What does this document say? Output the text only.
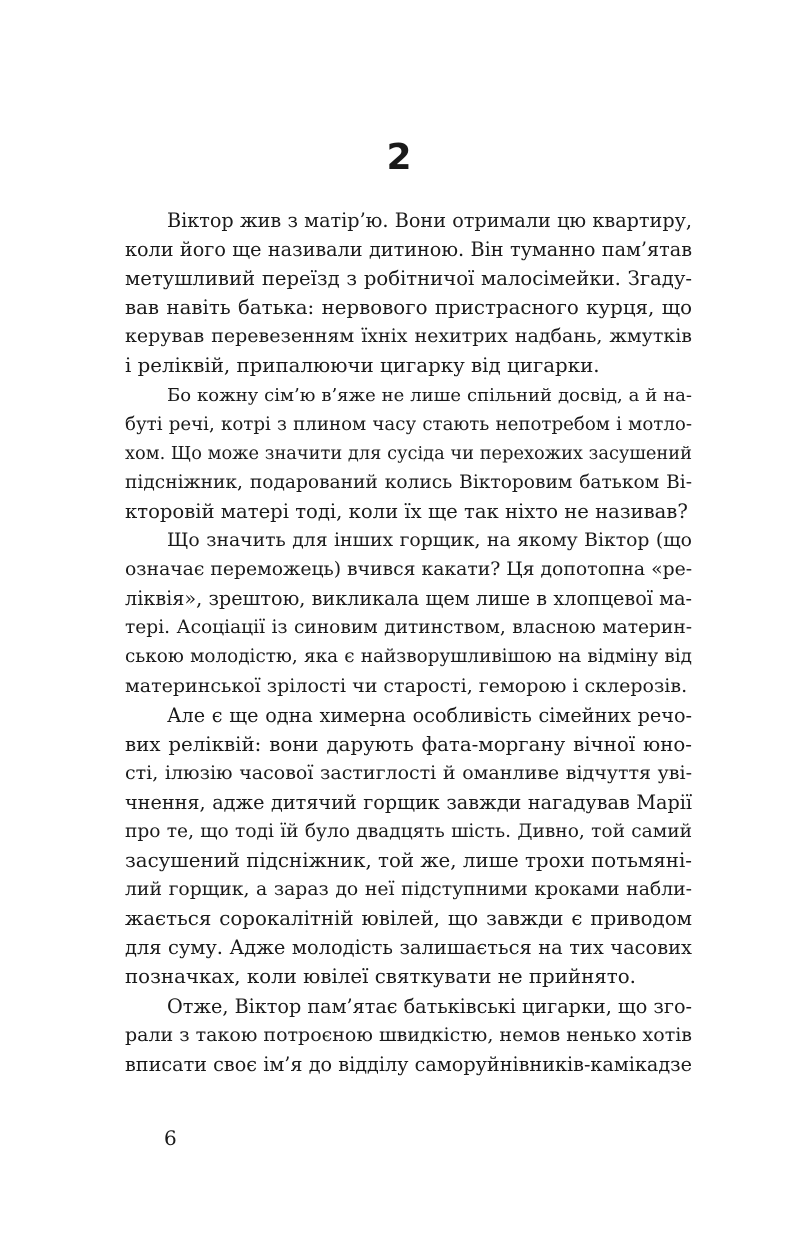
2
Віктор жив з матір’ю. Вони отримали цю квартиру,
коли його ще називали дитиною. Він туманно пам’ятав
метушливий переїзд з робітничої малосімейки. Згаду-
вав навіть батька: нервового пристрасного курця, що
керував перевезенням їхніх нехитрих надбань, жмутків
і реліквій, припалюючи цигарку від цигарки.
Бо кожну сім’ю в’яже не лише спільний досвід, а й на-
буті речі, котрі з плином часу стають непотребом і мотло-
хом. Що може значити для сусіда чи перехожих засушений
підсніжник, подарований колись Вікторовим батьком Ві-
кторовій матері тоді, коли їх ще так ніхто не називав?
Що значить для інших горщик, на якому Віктор (що
означає переможець) вчився какати? Ця допотопна «ре-
ліквія», зрештою, викликала щем лише в хлопцевої ма-
тері. Асоціації із синовим дитинством, власною материн-
ською молодістю, яка є найзворушливішою на відміну від
материнської зрілості чи старості, геморою і склерозів.
Але є ще одна химерна особливість сімейних речо-
вих реліквій: вони дарують фата-моргану вічної юно-
сті, ілюзію часової застиглості й оманливе відчуття уві-
чнення, адже дитячий горщик завжди нагадував Марії
про те, що тоді їй було двадцять шість. Дивно, той самий
засушений підсніжник, той же, лише трохи потьмяні-
лий горщик, а зараз до неї підступними кроками набли-
жається сорокалітній ювілей, що завжди є приводом
для суму. Адже молодість залишається на тих часових
позначках, коли ювілеї святкувати не прийнято.
Отже, Віктор пам’ятає батьківські цигарки, що зго-
рали з такою потроєною швидкістю, немов ненько хотів
вписати своє ім’я до відділу саморуйнівників-камікадзе
6
